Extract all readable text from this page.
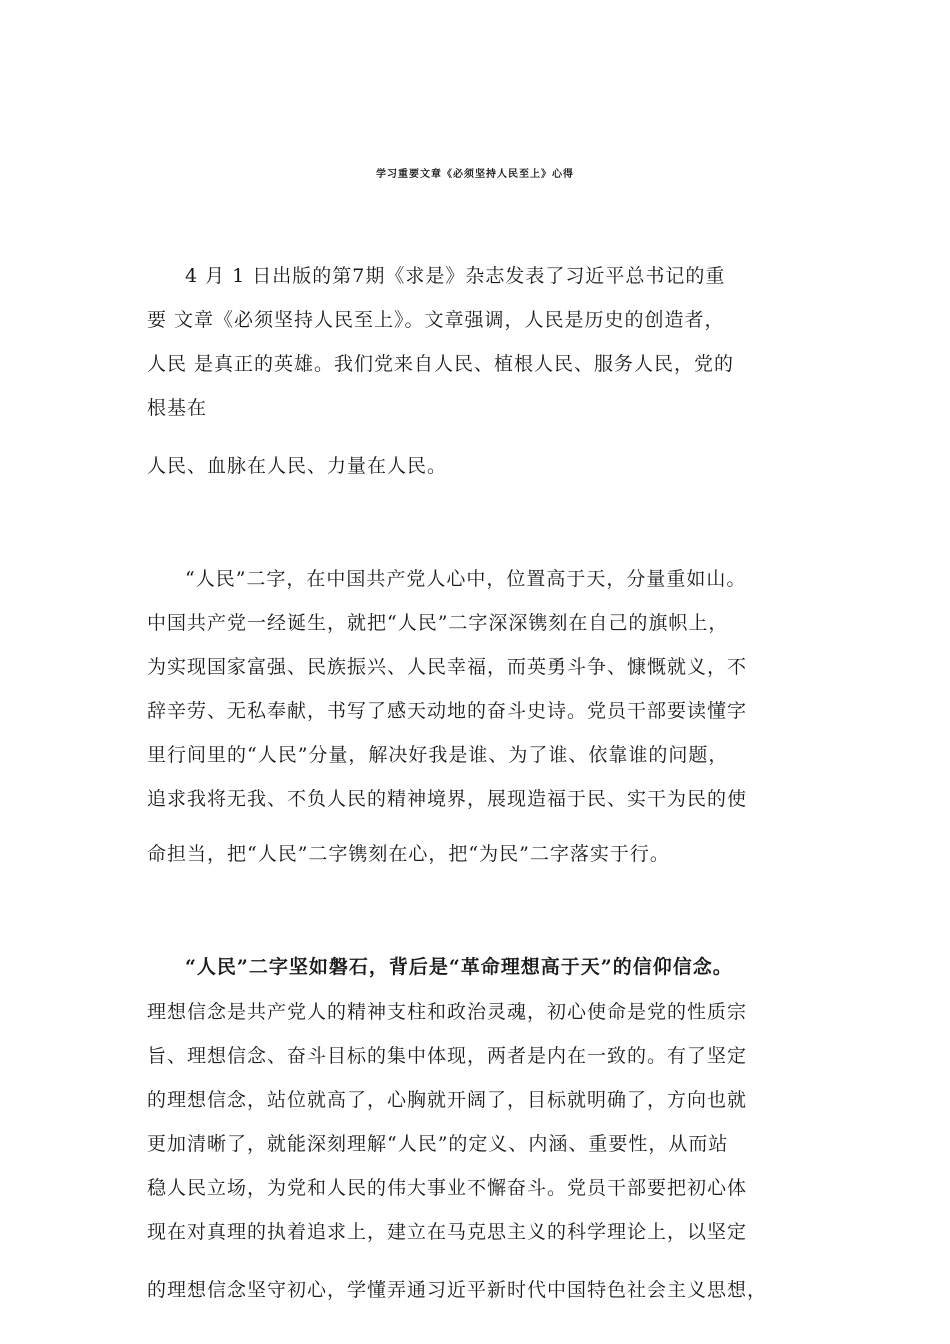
学习重要文章《必须坚持人民至上》心得
4 月 1 日出版的第7期《求是》杂志发表了习近平总书记的重
要 文章《必须坚持人民至上》。文章强调，人民是历史的创造者，
人民 是真正的英雄。我们党来自人民、植根人民、服务人民，党的
根基在
人民、血脉在人民、力量在人民。
“人民”二字，在中国共产党人心中，位置高于天，分量重如山。
中国共产党一经诞生，就把“人民”二字深深镌刻在自己的旗帜上，
为实现国家富强、民族振兴、人民幸福，而英勇斗争、慷慨就义，不
辞辛劳、无私奉献，书写了感天动地的奋斗史诗。党员干部要读懂字
里行间里的“人民”分量，解决好我是谁、为了谁、依靠谁的问题，
追求我将无我、不负人民的精神境界，展现造福于民、实干为民的使
命担当，把“人民”二字镌刻在心，把“为民”二字落实于行。
“人民”二字坚如磐石，背后是“革命理想高于天”的信仰信念。
理想信念是共产党人的精神支柱和政治灵魂，初心使命是党的性质宗
旨、理想信念、奋斗目标的集中体现，两者是内在一致的。有了坚定
的理想信念，站位就高了，心胸就开阔了，目标就明确了，方向也就
更加清晰了，就能深刻理解“人民”的定义、内涵、重要性，从而站
稳人民立场，为党和人民的伟大事业不懈奋斗。党员干部要把初心体
现在对真理的执着追求上，建立在马克思主义的科学理论上，以坚定
的理想信念坚守初心，学懂弄通习近平新时代中国特色社会主义思想，
